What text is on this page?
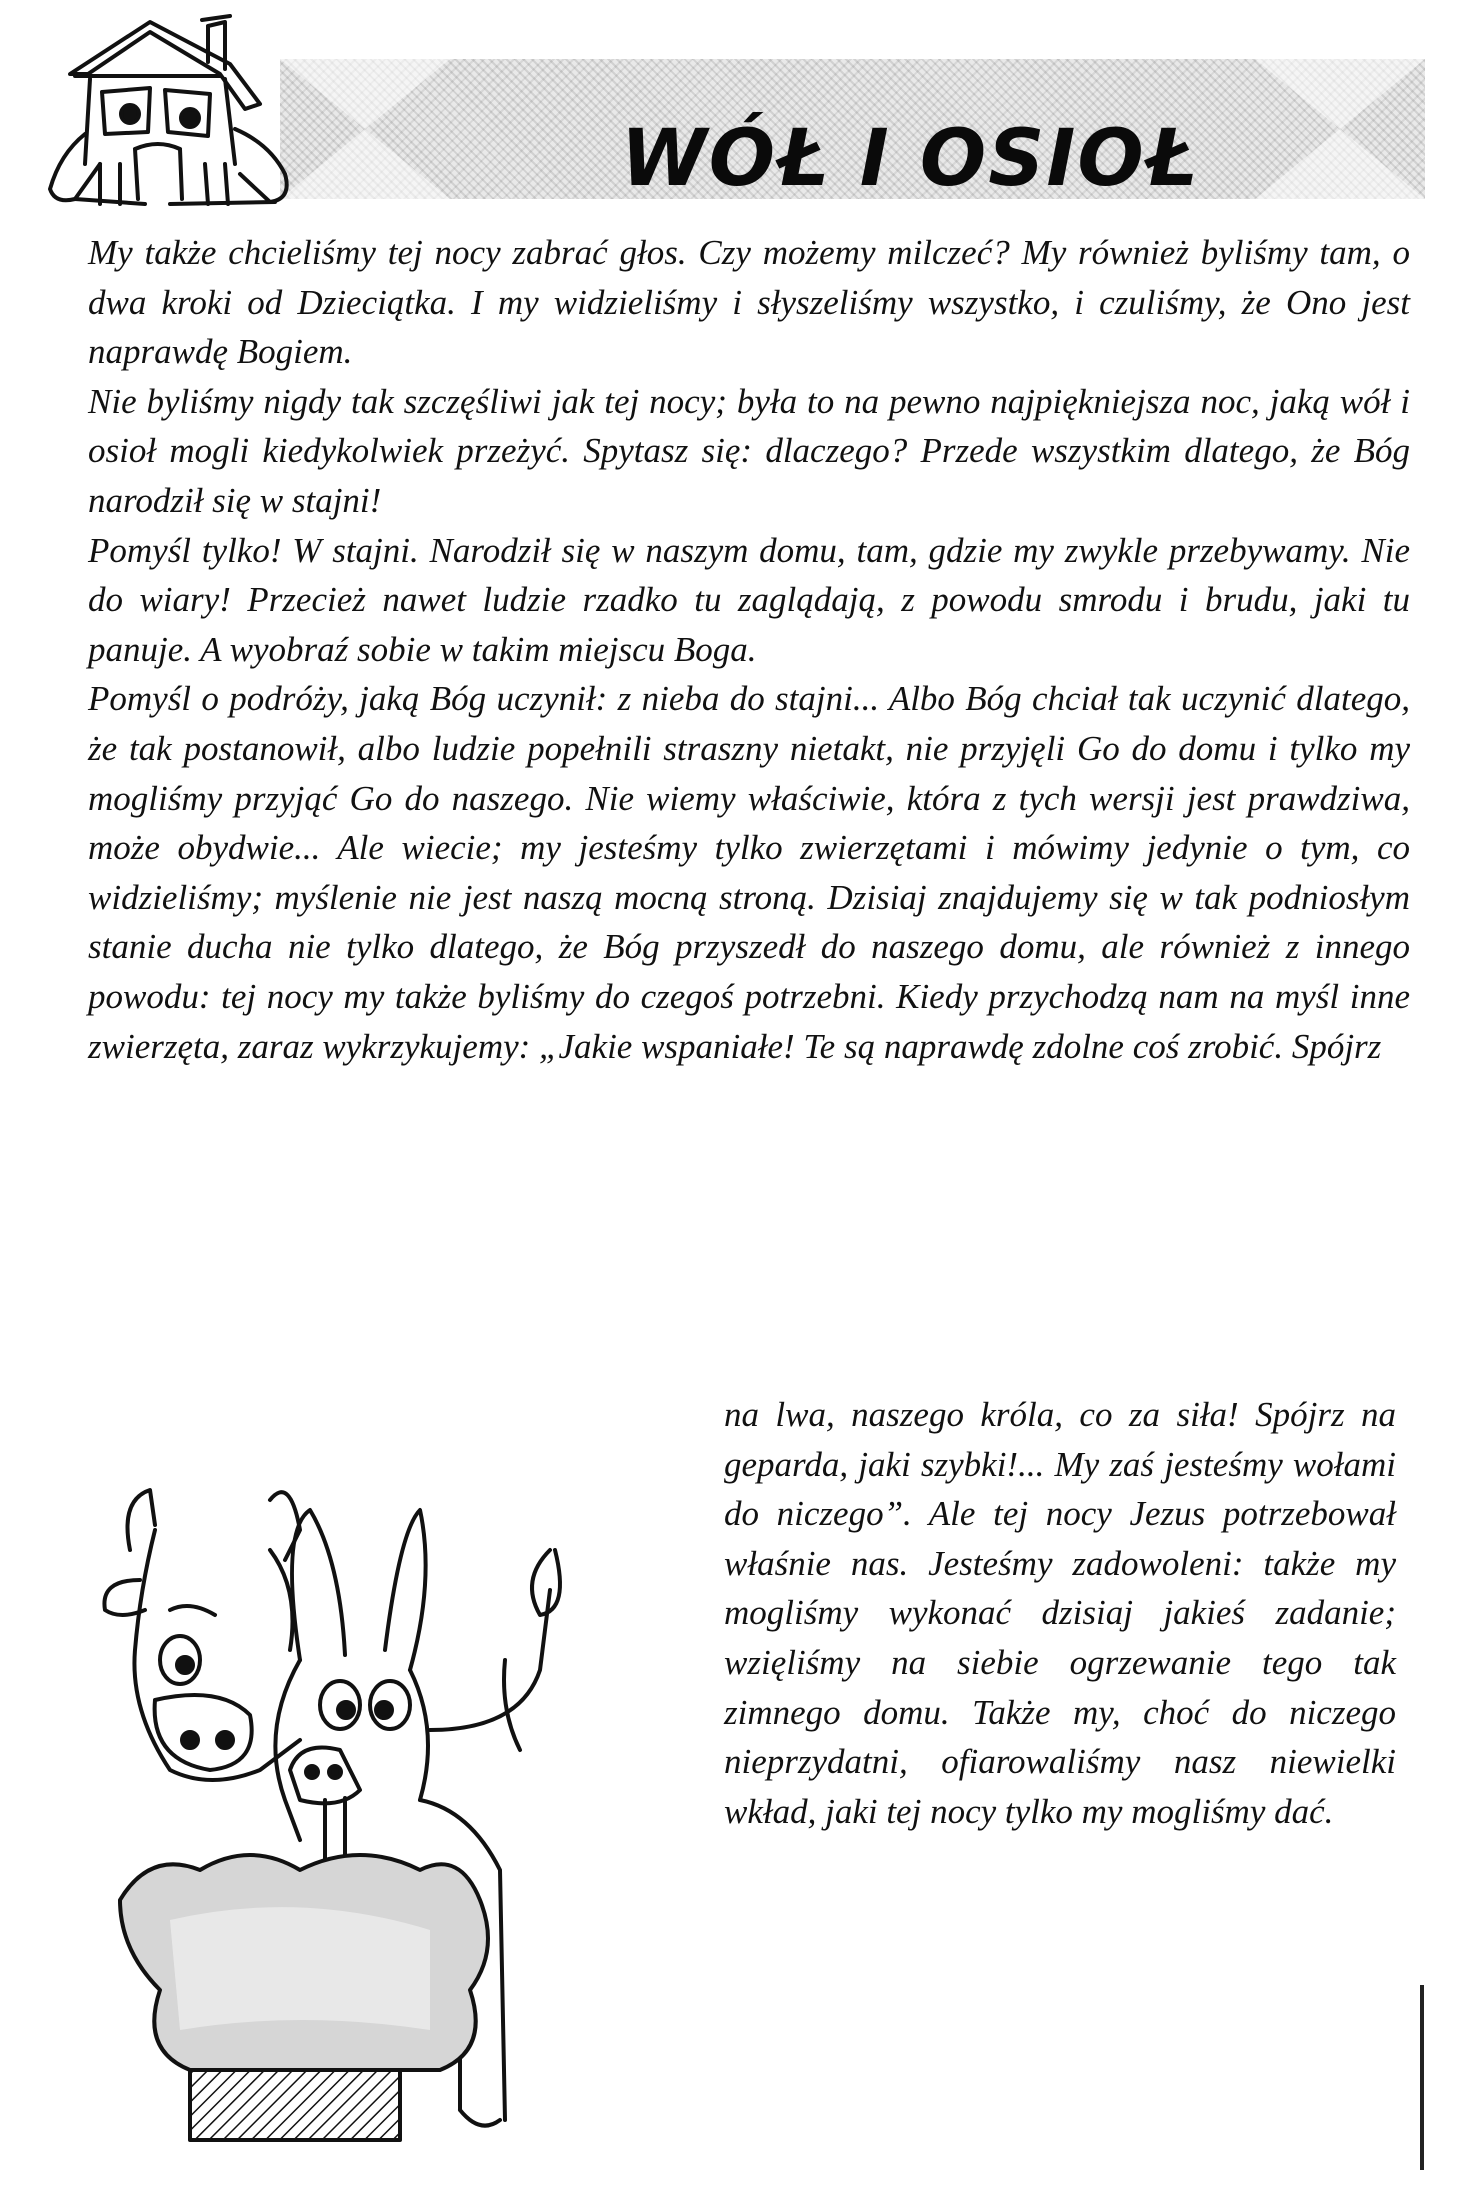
WÓŁ I OSIOŁ

My także chcieliśmy tej nocy zabrać głos. Czy możemy milczeć? My również byliśmy tam, o dwa kroki od Dzieciątka. I my widzieliśmy i słyszeliśmy wszystko, i czuliśmy, że Ono jest naprawdę Bogiem.

Nie byliśmy nigdy tak szczęśliwi jak tej nocy; była to na pewno najpiękniejsza noc, jaką wół i osioł mogli kiedykolwiek przeżyć. Spytasz się: dlaczego? Przede wszystkim dlatego, że Bóg narodził się w stajni!

Pomyśl tylko! W stajni. Narodził się w naszym domu, tam, gdzie my zwykle przebywamy. Nie do wiary! Przecież nawet ludzie rzadko tu zaglądają, z powodu smrodu i brudu, jaki tu panuje. A wyobraź sobie w takim miejscu Boga.

Pomyśl o podróży, jaką Bóg uczynił: z nieba do stajni... Albo Bóg chciał tak uczynić dlatego, że tak postanowił, albo ludzie popełnili straszny nietakt, nie przyjęli Go do domu i tylko my mogliśmy przyjąć Go do naszego. Nie wiemy właściwie, która z tych wersji jest prawdziwa, może obydwie... Ale wiecie; my jesteśmy tylko zwierzętami i mówimy jedynie o tym, co widzieliśmy; myślenie nie jest naszą mocną stroną. Dzisiaj znajdujemy się w tak podniosłym stanie ducha nie tylko dlatego, że Bóg przyszedł do naszego domu, ale również z innego powodu: tej nocy my także byliśmy do czegoś potrzebni. Kiedy przychodzą nam na myśl inne zwierzęta, zaraz wykrzykujemy: „Jakie wspaniałe! Te są naprawdę zdolne coś zrobić. Spójrz

na lwa, naszego króla, co za siła! Spójrz na geparda, jaki szybki!... My zaś jesteśmy wołami do niczego”. Ale tej nocy Jezus potrzebował właśnie nas. Jesteśmy zadowoleni: także my mogliśmy wykonać dzisiaj jakieś zadanie; wzięliśmy na siebie ogrzewanie tego tak zimnego domu. Także my, choć do niczego nieprzydatni, ofiarowaliśmy nasz niewielki wkład, jaki tej nocy tylko my mogliśmy dać.
